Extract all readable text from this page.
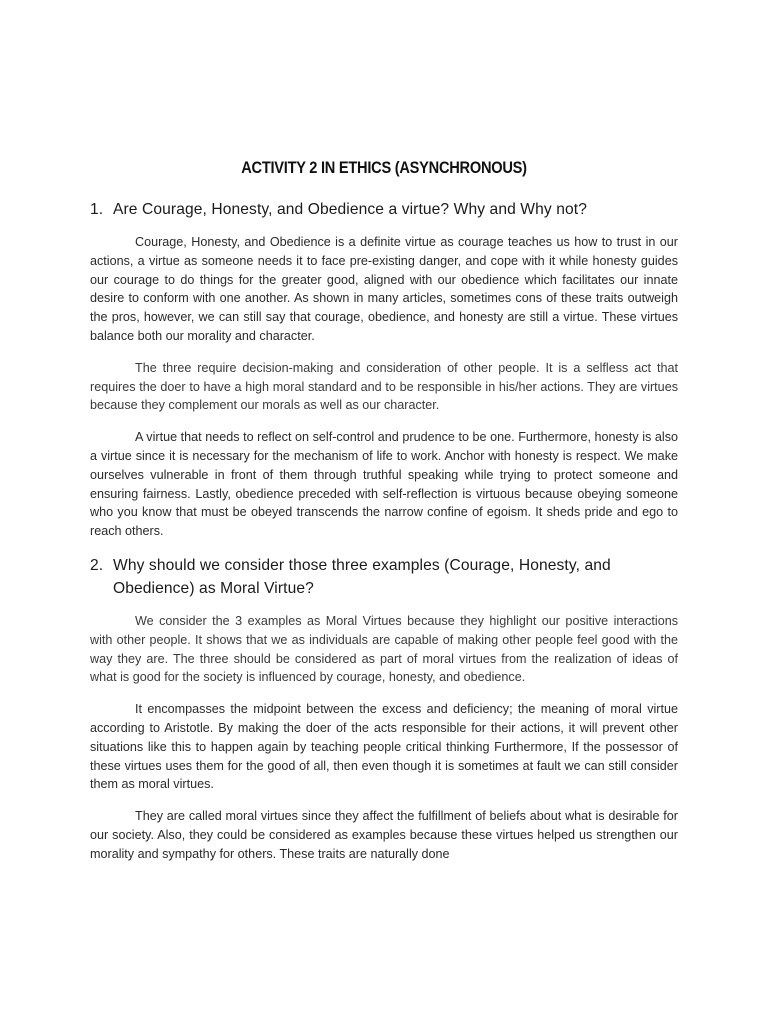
ACTIVITY 2 IN ETHICS (ASYNCHRONOUS)
1. Are Courage, Honesty, and Obedience a virtue? Why and Why not?

Courage, Honesty, and Obedience is a definite virtue as courage teaches us how to trust in our actions, a virtue as someone needs it to face pre-existing danger, and cope with it while honesty guides our courage to do things for the greater good, aligned with our obedience which facilitates our innate desire to conform with one another. As shown in many articles, sometimes cons of these traits outweigh the pros, however, we can still say that courage, obedience, and honesty are still a virtue. These virtues balance both our morality and character.

The three require decision-making and consideration of other people. It is a selfless act that requires the doer to have a high moral standard and to be responsible in his/her actions. They are virtues because they complement our morals as well as our character.

A virtue that needs to reflect on self-control and prudence to be one. Furthermore, honesty is also a virtue since it is necessary for the mechanism of life to work. Anchor with honesty is respect. We make ourselves vulnerable in front of them through truthful speaking while trying to protect someone and ensuring fairness. Lastly, obedience preceded with self-reflection is virtuous because obeying someone who you know that must be obeyed transcends the narrow confine of egoism. It sheds pride and ego to reach others.

2. Why should we consider those three examples (Courage, Honesty, and Obedience) as Moral Virtue?

We consider the 3 examples as Moral Virtues because they highlight our positive interactions with other people. It shows that we as individuals are capable of making other people feel good with the way they are. The three should be considered as part of moral virtues from the realization of ideas of what is good for the society is influenced by courage, honesty, and obedience.

It encompasses the midpoint between the excess and deficiency; the meaning of moral virtue according to Aristotle. By making the doer of the acts responsible for their actions, it will prevent other situations like this to happen again by teaching people critical thinking Furthermore, If the possessor of these virtues uses them for the good of all, then even though it is sometimes at fault we can still consider them as moral virtues.

They are called moral virtues since they affect the fulfillment of beliefs about what is desirable for our society. Also, they could be considered as examples because these virtues helped us strengthen our morality and sympathy for others. These traits are naturally done
